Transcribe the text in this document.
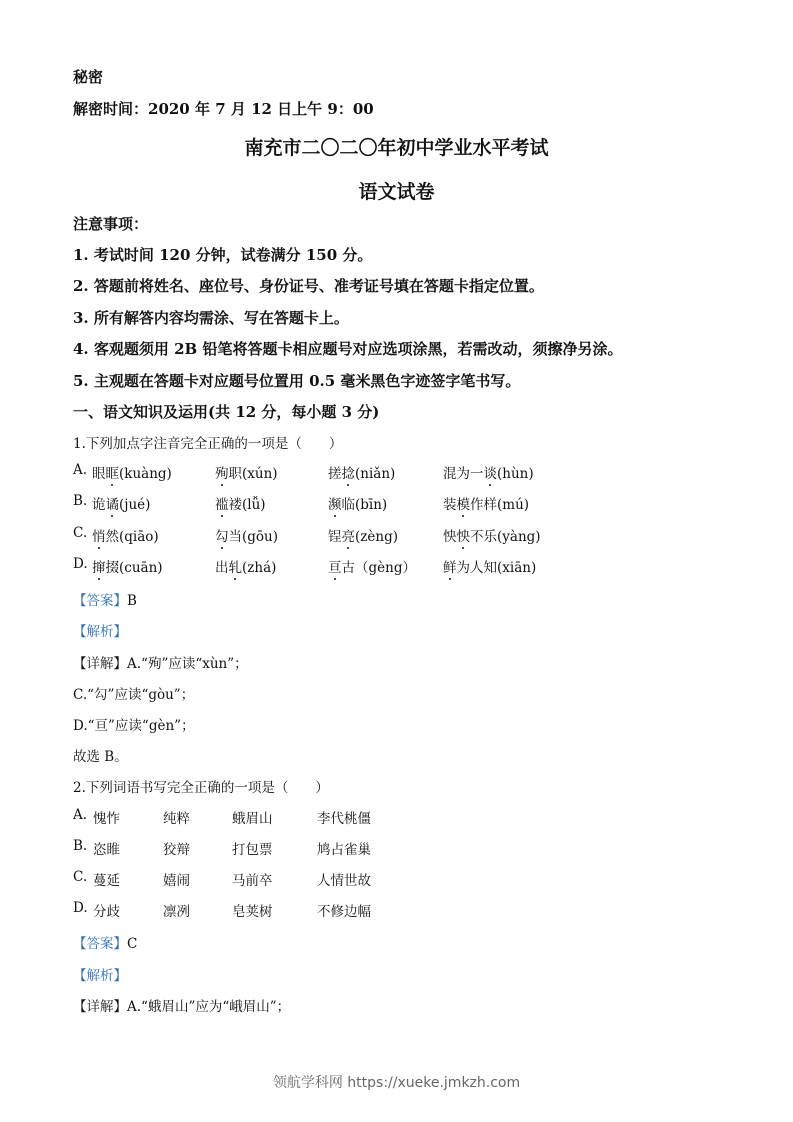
秘密
解密时间：2020 年 7 月 12 日上午 9：00
南充市二〇二〇年初中学业水平考试
语文试卷
注意事项：
1. 考试时间 120 分钟，试卷满分 150 分。
2. 答题前将姓名、座位号、身份证号、准考证号填在答题卡指定位置。
3. 所有解答内容均需涂、写在答题卡上。
4. 客观题须用 2B 铅笔将答题卡相应题号对应选项涂黑，若需改动，须擦净另涂。
5. 主观题在答题卡对应题号位置用 0.5 毫米黑色字迹签字笔书写。
一、语文知识及运用(共 12 分，每小题 3 分)
1.下列加点字注音完全正确的一项是（　　）
A. 眼眶(kuàng)	殉职(xún)	搓捻(niǎn)	混为一谈(hùn)
B. 诡谲(jué)	褴褛(lǚ)	濒临(bīn)	装模作样(mú)
C. 悄然(qiāo)	勾当(gōu)	锃亮(zèng)	怏怏不乐(yàng)
D. 撺掇(cuān)	出轧(zhá)	亘古（gèng） 鲜为人知(xiān)
【答案】B
【解析】
【详解】A.“殉”应读“xùn”；
C.“勾”应读“gòu”；
D.“亘”应读“gèn”；
故选 B。
2.下列词语书写完全正确的一项是（　　）
A. 愧怍	纯粹	蛾眉山	李代桃僵
B. 恣睢	狡辩	打包票	鸠占雀巢
C. 蔓延	嬉闹	马前卒	人情世故
D. 分歧	凛冽	皂荚树	不修边幅
【答案】C
【解析】
【详解】A.“蛾眉山”应为“峨眉山”；
领航学科网 https://xueke.jmkzh.com
